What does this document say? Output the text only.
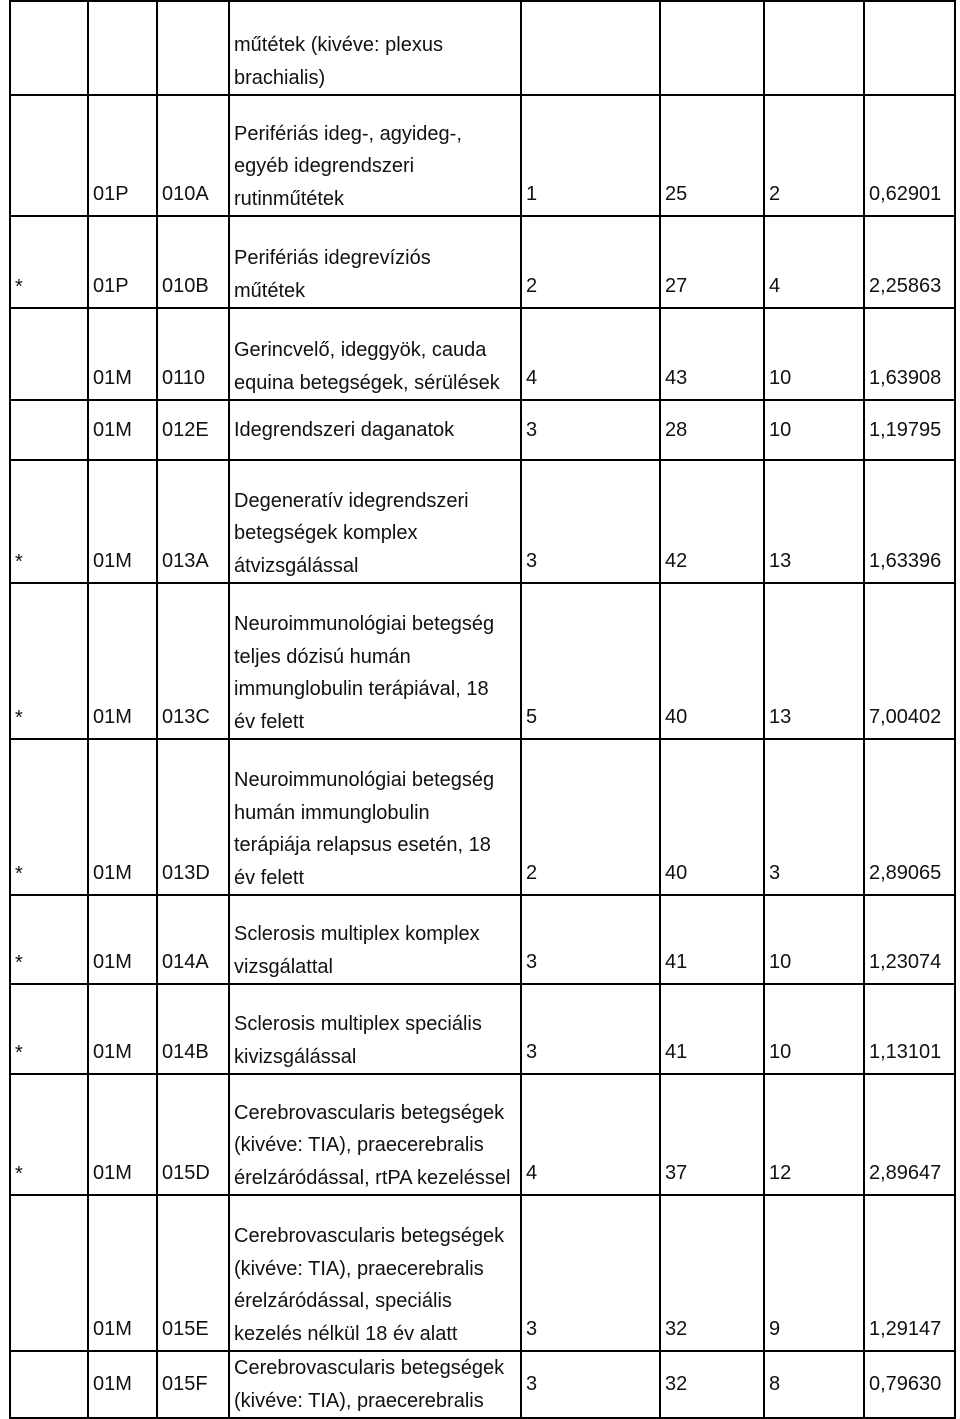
			műtétek (kivéve: plexus
brachialis)				

	01P	010A	Perifériás ideg-, agyideg-,
egyéb idegrendszeri
rutinműtétek	1	25	2	0,62901
*	01P	010B	Perifériás idegrevíziós
műtétek	2	27	4	2,25863
	01M	0110	Gerincvelő, ideggyök, cauda
equina betegségek, sérülések	4	43	10	1,63908
	01M	012E	Idegrendszeri daganatok	3	28	10	1,19795
*	01M	013A	Degeneratív idegrendszeri
betegségek komplex
átvizsgálással	3	42	13	1,63396
*	01M	013C	Neuroimmunológiai betegség
teljes dózisú humán
immunglobulin terápiával, 18
év felett	5	40	13	7,00402
*	01M	013D	Neuroimmunológiai betegség
humán immunglobulin
terápiája relapsus esetén, 18
év felett	2	40	3	2,89065
*	01M	014A	Sclerosis multiplex komplex
vizsgálattal	3	41	10	1,23074
*	01M	014B	Sclerosis multiplex speciális
kivizsgálással	3	41	10	1,13101
*	01M	015D	Cerebrovascularis betegségek
(kivéve: TIA), praecerebralis
érelzáródással, rtPA kezeléssel	4	37	12	2,89647
	01M	015E	Cerebrovascularis betegségek
(kivéve: TIA), praecerebralis
érelzáródással, speciális
kezelés nélkül 18 év alatt	3	32	9	1,29147
	01M	015F	Cerebrovascularis betegségek
(kivéve: TIA), praecerebralis	3	32	8	0,79630
